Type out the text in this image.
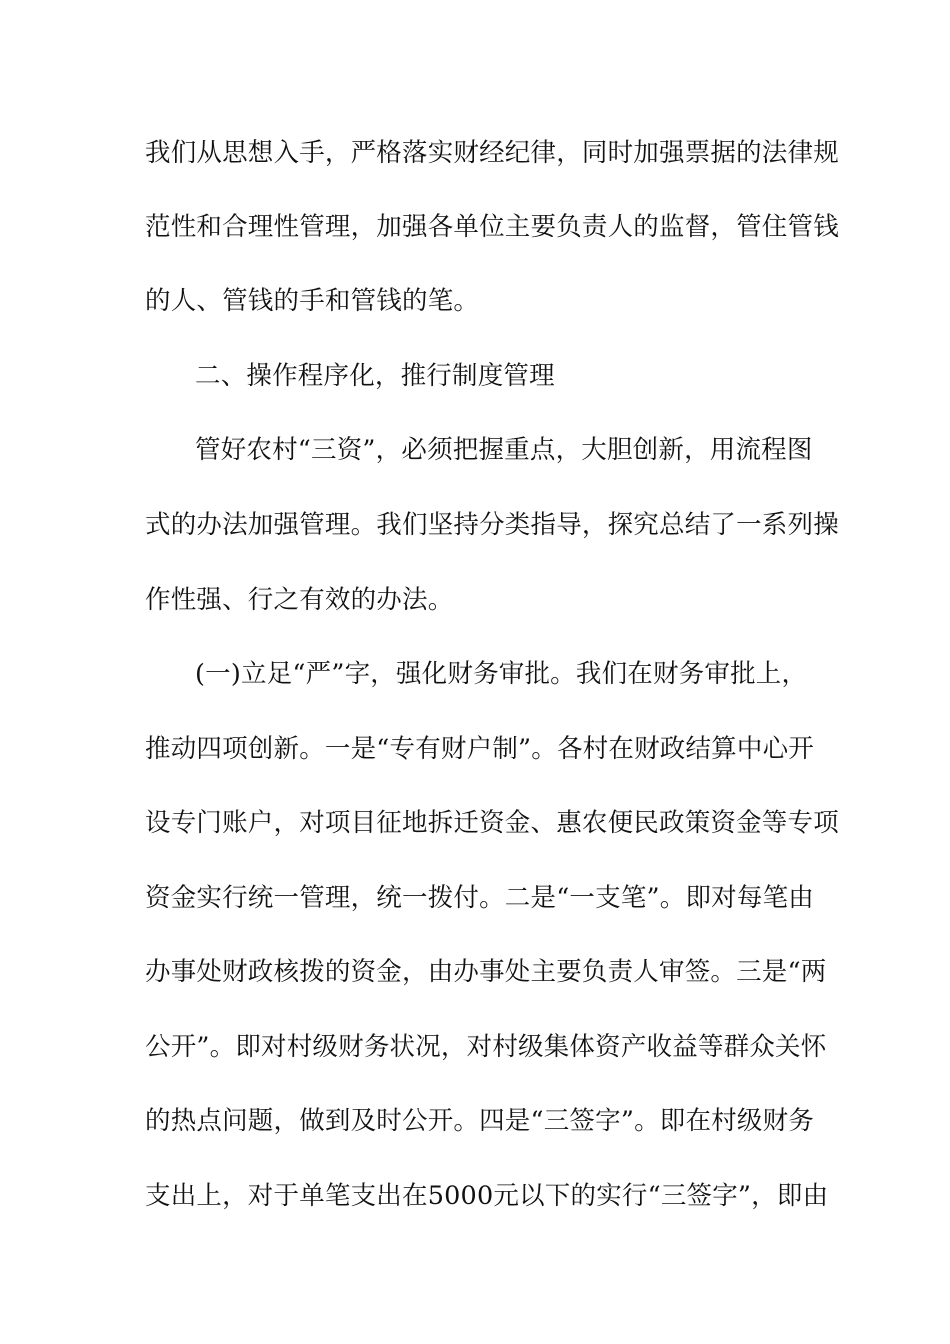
我们从思想入手，严格落实财经纪律，同时加强票据的法律规
范性和合理性管理，加强各单位主要负责人的监督，管住管钱
的人、管钱的手和管钱的笔。
二、操作程序化，推行制度管理
管好农村“三资”，必须把握重点，大胆创新，用流程图
式的办法加强管理。我们坚持分类指导，探究总结了一系列操
作性强、行之有效的办法。
(一)立足“严”字，强化财务审批。我们在财务审批上，
推动四项创新。一是“专有财户制”。各村在财政结算中心开
设专门账户，对项目征地拆迁资金、惠农便民政策资金等专项
资金实行统一管理，统一拨付。二是“一支笔”。即对每笔由
办事处财政核拨的资金，由办事处主要负责人审签。三是“两
公开”。即对村级财务状况，对村级集体资产收益等群众关怀
的热点问题，做到及时公开。四是“三签字”。即在村级财务
支出上，对于单笔支出在5000元以下的实行“三签字”，即由
